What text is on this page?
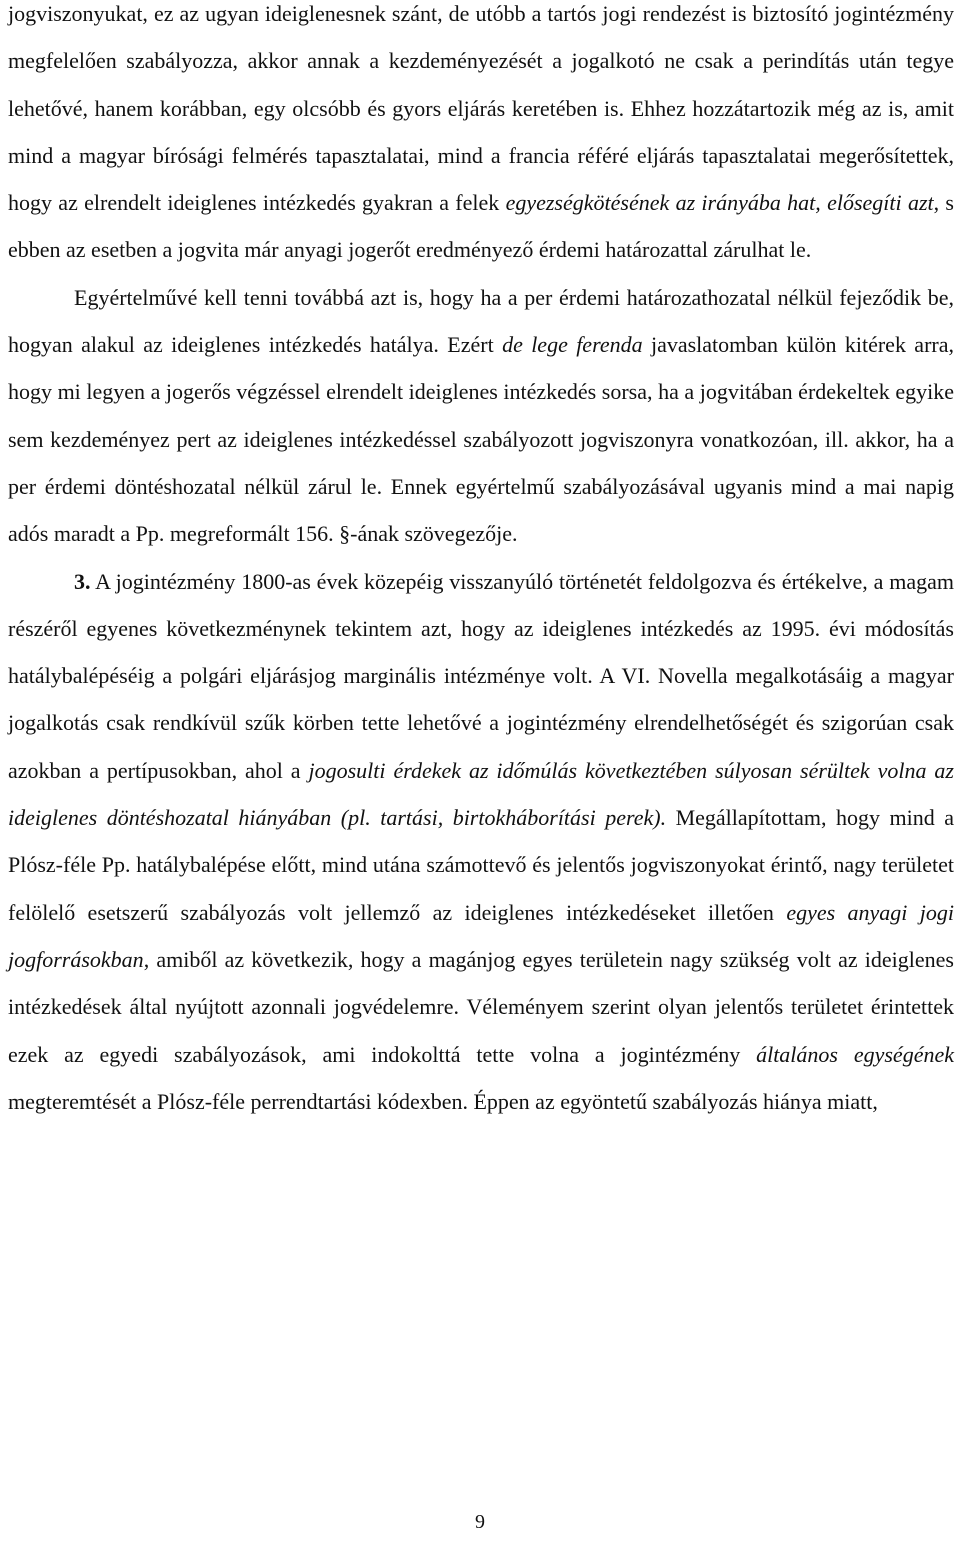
jogviszonyukat, ez az ugyan ideiglenesnek szánt, de utóbb a tartós jogi rendezést is biztosító jogintézmény megfelelően szabályozza, akkor annak a kezdeményezését a jogalkotó ne csak a perindítás után tegye lehetővé, hanem korábban, egy olcsóbb és gyors eljárás keretében is. Ehhez hozzátartozik még az is, amit mind a magyar bírósági felmérés tapasztalatai, mind a francia référé eljárás tapasztalatai megerősítettek, hogy az elrendelt ideiglenes intézkedés gyakran a felek egyezségkötésének az irányába hat, elősegíti azt, s ebben az esetben a jogvita már anyagi jogerőt eredményező érdemi határozattal zárulhat le.

Egyértelművé kell tenni továbbá azt is, hogy ha a per érdemi határozathozatal nélkül fejeződik be, hogyan alakul az ideiglenes intézkedés hatálya. Ezért de lege ferenda javaslatomban külön kitérek arra, hogy mi legyen a jogerős végzéssel elrendelt ideiglenes intézkedés sorsa, ha a jogvitában érdekeltek egyike sem kezdeményez pert az ideiglenes intézkedéssel szabályozott jogviszonyra vonatkozóan, ill. akkor, ha a per érdemi döntéshozatal nélkül zárul le. Ennek egyértelmű szabályozásával ugyanis mind a mai napig adós maradt a Pp. megreformált 156. §-ának szövegezője.

3. A jogintézmény 1800-as évek közepéig visszanyúló történetét feldolgozva és értékelve, a magam részéről egyenes következménynek tekintem azt, hogy az ideiglenes intézkedés az 1995. évi módosítás hatálybalépéséig a polgári eljárásjog marginális intézménye volt. A VI. Novella megalkotásáig a magyar jogalkotás csak rendkívül szűk körben tette lehetővé a jogintézmény elrendelhetőségét és szigorúan csak azokban a pertípusokban, ahol a jogosulti érdekek az időmúlás következtében súlyosan sérültek volna az ideiglenes döntéshozatal hiányában (pl. tartási, birtokháborítási perek). Megállapítottam, hogy mind a Plósz-féle Pp. hatálybalépése előtt, mind utána számottevő és jelentős jogviszonyokat érintő, nagy területet felölelő esetszerű szabályozás volt jellemző az ideiglenes intézkedéseket illetően egyes anyagi jogi jogforrásokban, amiből az következik, hogy a magánjog egyes területein nagy szükség volt az ideiglenes intézkedések által nyújtott azonnali jogvédelemre. Véleményem szerint olyan jelentős területet érintettek ezek az egyedi szabályozások, ami indokolttá tette volna a jogintézmény általános egységének megteremtését a Plósz-féle perrendtartási kódexben. Éppen az egyöntetű szabályozás hiánya miatt,

9
